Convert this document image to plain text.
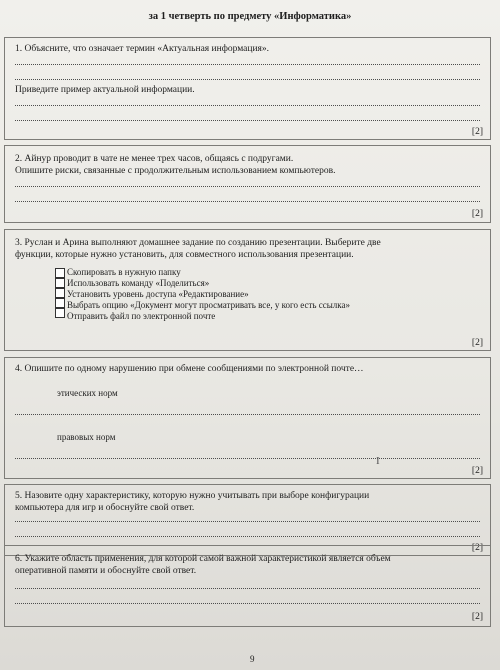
за 1 четверть по предмету «Информатика»
1. Объясните, что означает термин «Актуальная информация».
Приведите пример актуальной информации.
[2]
2. Айнур проводит в чате не менее трех часов, общаясь с подругами.
Опишите риски, связанные с продолжительным использованием компьютеров.
[2]
3. Руслан и Арина выполняют домашнее задание по созданию презентации. Выберите две
функции, которые нужно установить, для совместного использования презентации.
Скопировать в нужную папку
Использовать команду «Поделиться»
Установить уровень доступа «Редактирование»
Выбрать опцию «Документ могут просматривать все, у кого есть ссылка»
Отправить файл по электронной почте
[2]
4. Опишите по одному нарушению при обмене сообщениями по электронной почте…
этических норм
правовых норм
[2]
I
5. Назовите одну характеристику, которую нужно учитывать при выборе конфигурации
компьютера для игр и обоснуйте свой ответ.
[2]
6. Укажите область применения, для которой самой важной характеристикой является объем
оперативной памяти и обоснуйте свой ответ.
[2]
9
